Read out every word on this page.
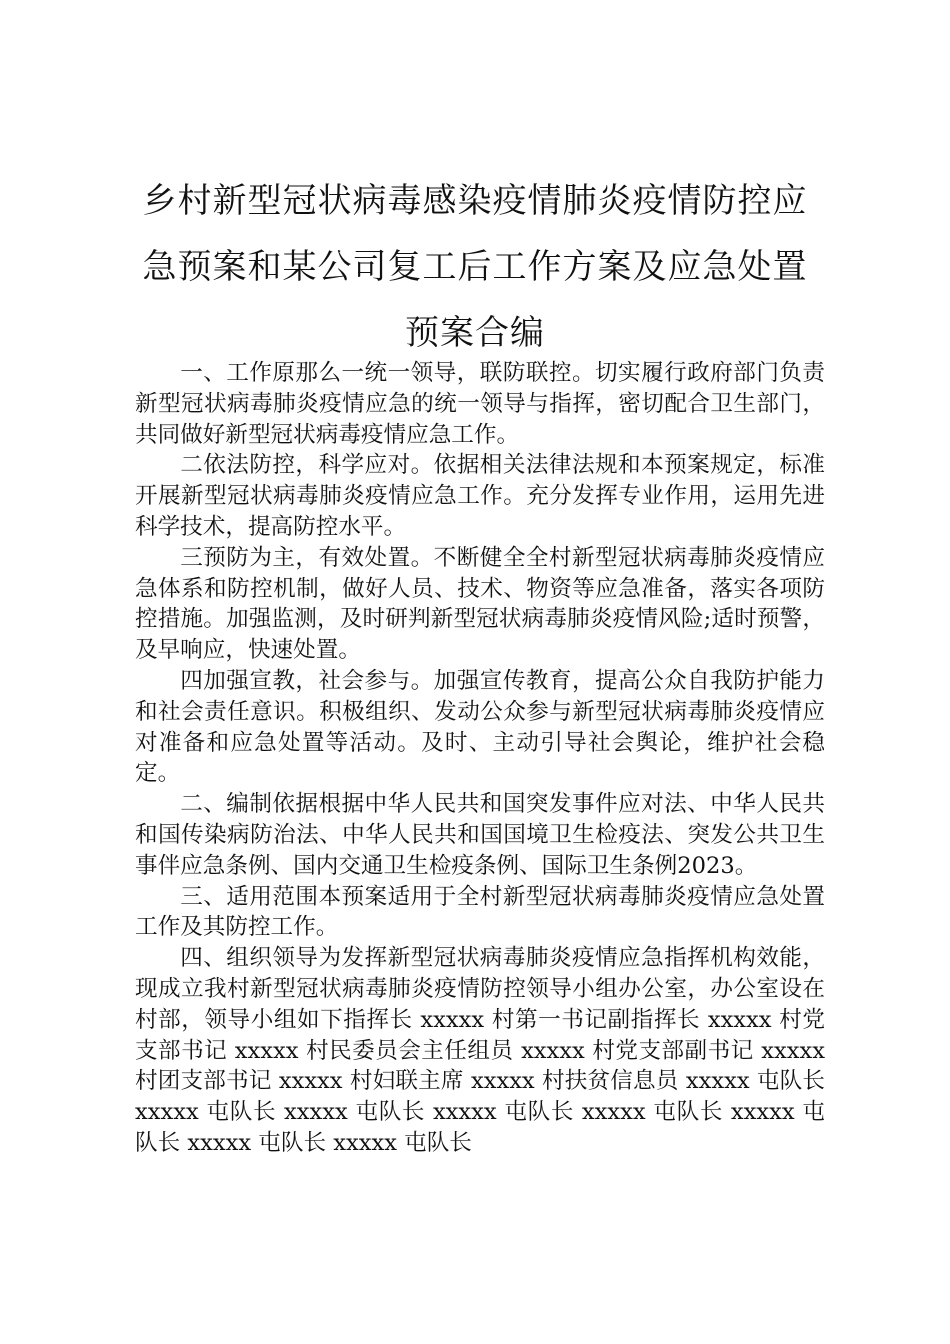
乡村新型冠状病毒感染疫情肺炎疫情防控应
急预案和某公司复工后工作方案及应急处置
预案合编

一、工作原那么一统一领导，联防联控。切实履行政府部门负责新型冠状病毒肺炎疫情应急的统一领导与指挥，密切配合卫生部门，共同做好新型冠状病毒疫情应急工作。

二依法防控，科学应对。依据相关法律法规和本预案规定，标准开展新型冠状病毒肺炎疫情应急工作。充分发挥专业作用，运用先进科学技术，提高防控水平。

三预防为主，有效处置。不断健全全村新型冠状病毒肺炎疫情应急体系和防控机制，做好人员、技术、物资等应急准备，落实各项防控措施。加强监测，及时研判新型冠状病毒肺炎疫情风险;适时预警，及早响应，快速处置。

四加强宣教，社会参与。加强宣传教育，提高公众自我防护能力和社会责任意识。积极组织、发动公众参与新型冠状病毒肺炎疫情应对准备和应急处置等活动。及时、主动引导社会舆论，维护社会稳定。

二、编制依据根据中华人民共和国突发事件应对法、中华人民共和国传染病防治法、中华人民共和国国境卫生检疫法、突发公共卫生事伴应急条例、国内交通卫生检疫条例、国际卫生条例2023。

三、适用范围本预案适用于全村新型冠状病毒肺炎疫情应急处置工作及其防控工作。

四、组织领导为发挥新型冠状病毒肺炎疫情应急指挥机构效能，现成立我村新型冠状病毒肺炎疫情防控领导小组办公室，办公室设在村部，领导小组如下指挥长 xxxxx 村第一书记副指挥长 xxxxx 村党支部书记 xxxxx 村民委员会主任组员 xxxxx 村党支部副书记 xxxxx 村团支部书记 xxxxx 村妇联主席 xxxxx 村扶贫信息员 xxxxx 屯队长 xxxxx 屯队长 xxxxx 屯队长 xxxxx 屯队长 xxxxx 屯队长 xxxxx 屯队长 xxxxx 屯队长 xxxxx 屯队长
